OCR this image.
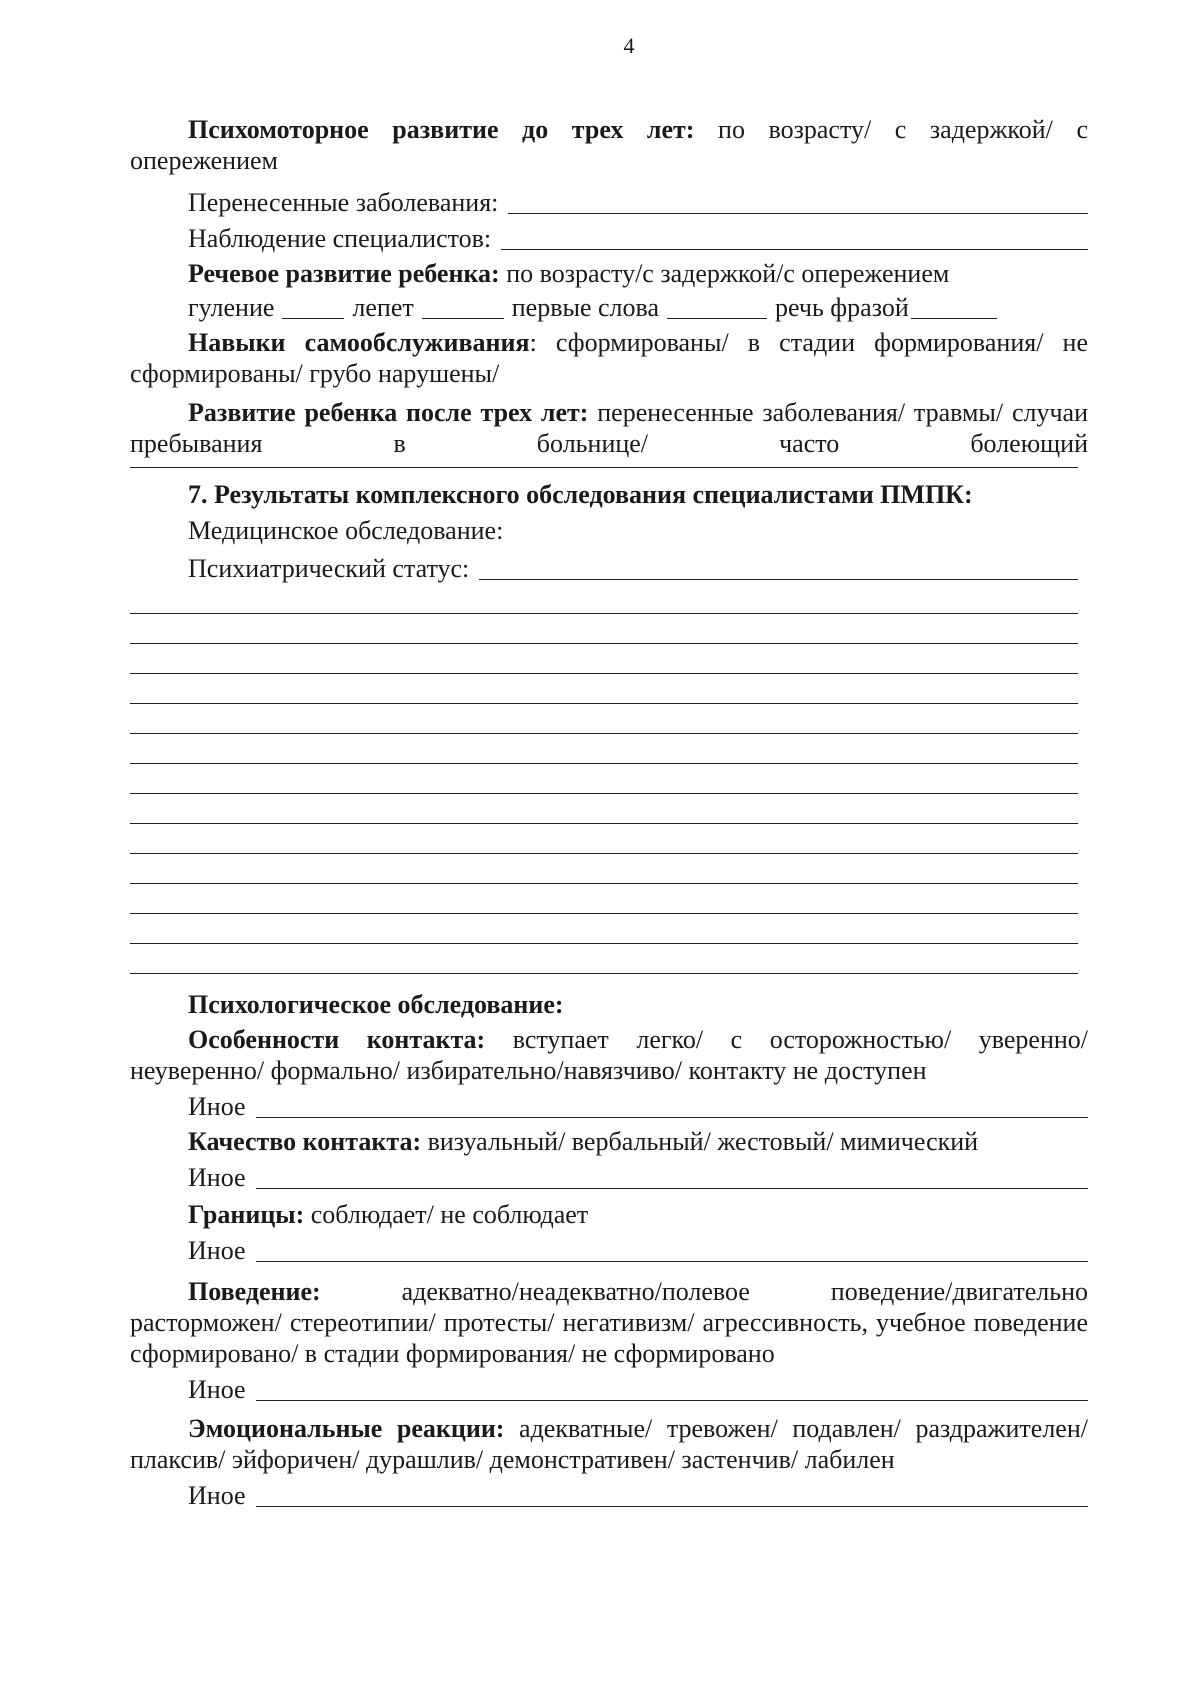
4

Психомоторное развитие до трех лет: по возрасту/ с задержкой/ с опережением

Перенесенные заболевания:
Наблюдение специалистов:

Речевое развитие ребенка: по возрасту/с задержкой/с опережением

гуление	лепет	первые слова	речь фразой

Навыки самообслуживания: сформированы/ в стадии формирования/ не сформированы/ грубо нарушены/

Развитие ребенка после трех лет: перенесенные заболевания/ травмы/ случаи пребывания в больнице/ часто болеющий

7. Результаты комплексного обследования специалистами ПМПК:
Медицинское обследование:
Психиатрический статус:
Психологическое обследование:

Особенности контакта: вступает легко/ с осторожностью/ уверенно/ неуверенно/ формально/ избирательно/навязчиво/ контакту не доступен

Иное

Качество контакта: визуальный/ вербальный/ жестовый/ мимический

Иное

Границы: соблюдает/ не соблюдает

Иное

Поведение: адекватно/неадекватно/полевое поведение/двигательно расторможен/ стереотипии/ протесты/ негативизм/ агрессивность, учебное поведение сформировано/ в стадии формирования/ не сформировано

Иное

Эмоциональные реакции: адекватные/ тревожен/ подавлен/ раздражителен/ плаксив/ эйфоричен/ дурашлив/ демонстративен/ застенчив/ лабилен

Иное
